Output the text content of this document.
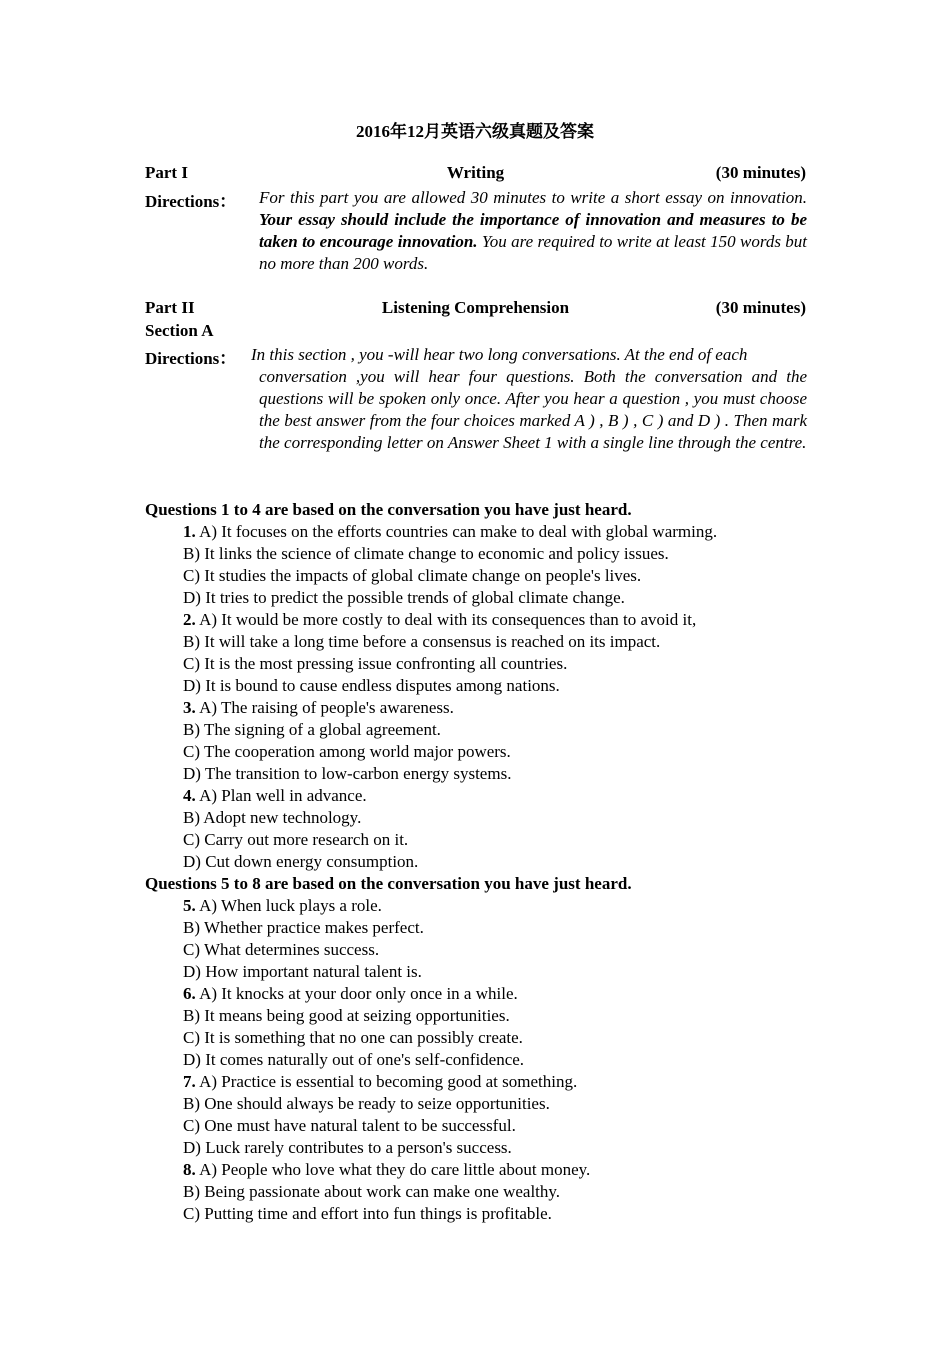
2016年12月英语六级真题及答案
Part I	Writing	(30 minutes)
Directions： For this part you are allowed 30 minutes to write a short essay on innovation. Your essay should include the importance of innovation and measures to be taken to encourage innovation. You are required to write at least 150 words but no more than 200 words.
Part II	Listening Comprehension	(30 minutes)
Section A
Directions： In this section , you -will hear two long conversations. At the end of each
conversation ,you will hear four questions. Both the conversation and the questions will be spoken only once. After you hear a question , you must choose the best answer from the four choices marked A ) , B ) , C ) and D ) . Then mark the corresponding letter on Answer Sheet 1 with a single line through the centre.
Questions 1 to 4 are based on the conversation you have just heard.
1. A) It focuses on the efforts countries can make to deal with global warming.
B) It links the science of climate change to economic and policy issues.
C) It studies the impacts of global climate change on people's lives.
D) It tries to predict the possible trends of global climate change.
2. A) It would be more costly to deal with its consequences than to avoid it,
B) It will take a long time before a consensus is reached on its impact.
C) It is the most pressing issue confronting all countries.
D) It is bound to cause endless disputes among nations.
3. A) The raising of people's awareness.
B) The signing of a global agreement.
C) The cooperation among world major powers.
D) The transition to low-carbon energy systems.
4. A) Plan well in advance.
B) Adopt new technology.
C) Carry out more research on it.
D) Cut down energy consumption.
Questions 5 to 8 are based on the conversation you have just heard.
5. A) When luck plays a role.
B) Whether practice makes perfect.
C) What determines success.
D) How important natural talent is.
6. A) It knocks at your door only once in a while.
B) It means being good at seizing opportunities.
C) It is something that no one can possibly create.
D) It comes naturally out of one's self-confidence.
7. A) Practice is essential to becoming good at something.
B) One should always be ready to seize opportunities.
C) One must have natural talent to be successful.
D) Luck rarely contributes to a person's success.
8. A) People who love what they do care little about money.
B) Being passionate about work can make one wealthy.
C) Putting time and effort into fun things is profitable.
